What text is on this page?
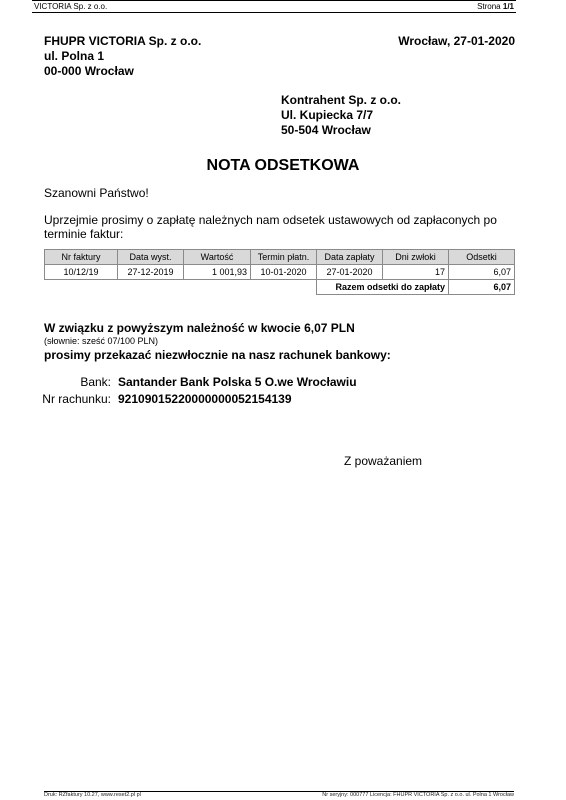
VICTORIA Sp. z o.o.	Strona 1/1
FHUPR VICTORIA Sp. z o.o.
ul. Polna 1
00-000 Wrocław
Wrocław, 27-01-2020
Kontrahent Sp. z o.o.
Ul. Kupiecka 7/7
50-504 Wrocław
NOTA ODSETKOWA
Szanowni Państwo!
Uprzejmie prosimy o zapłatę należnych nam odsetek ustawowych od zapłaconych po
terminie faktur:
Nr faktury	Data wyst.	Wartość	Termin płatn.	Data zapłaty	Dni zwłoki	Odsetki
10/12/19	27-12-2019	1 001,93	10-01-2020	27-01-2020	17	6,07
				Razem odsetki do zapłaty		6,07
W związku z powyższym należność w kwocie 6,07 PLN
(słownie: sześć 07/100 PLN)
prosimy przekazać niezwłocznie na nasz rachunek bankowy:
Bank: Santander Bank Polska 5 O.we Wrocławiu
Nr rachunku: 92109015220000000052154139
Z poważaniem
Druk: RZfaktury 10.27, www.reset2.pl pl	Nr seryjny: 000777 Licencja: FHUPR VICTORIA Sp. z o.o. ul. Polna 1 Wrocław
